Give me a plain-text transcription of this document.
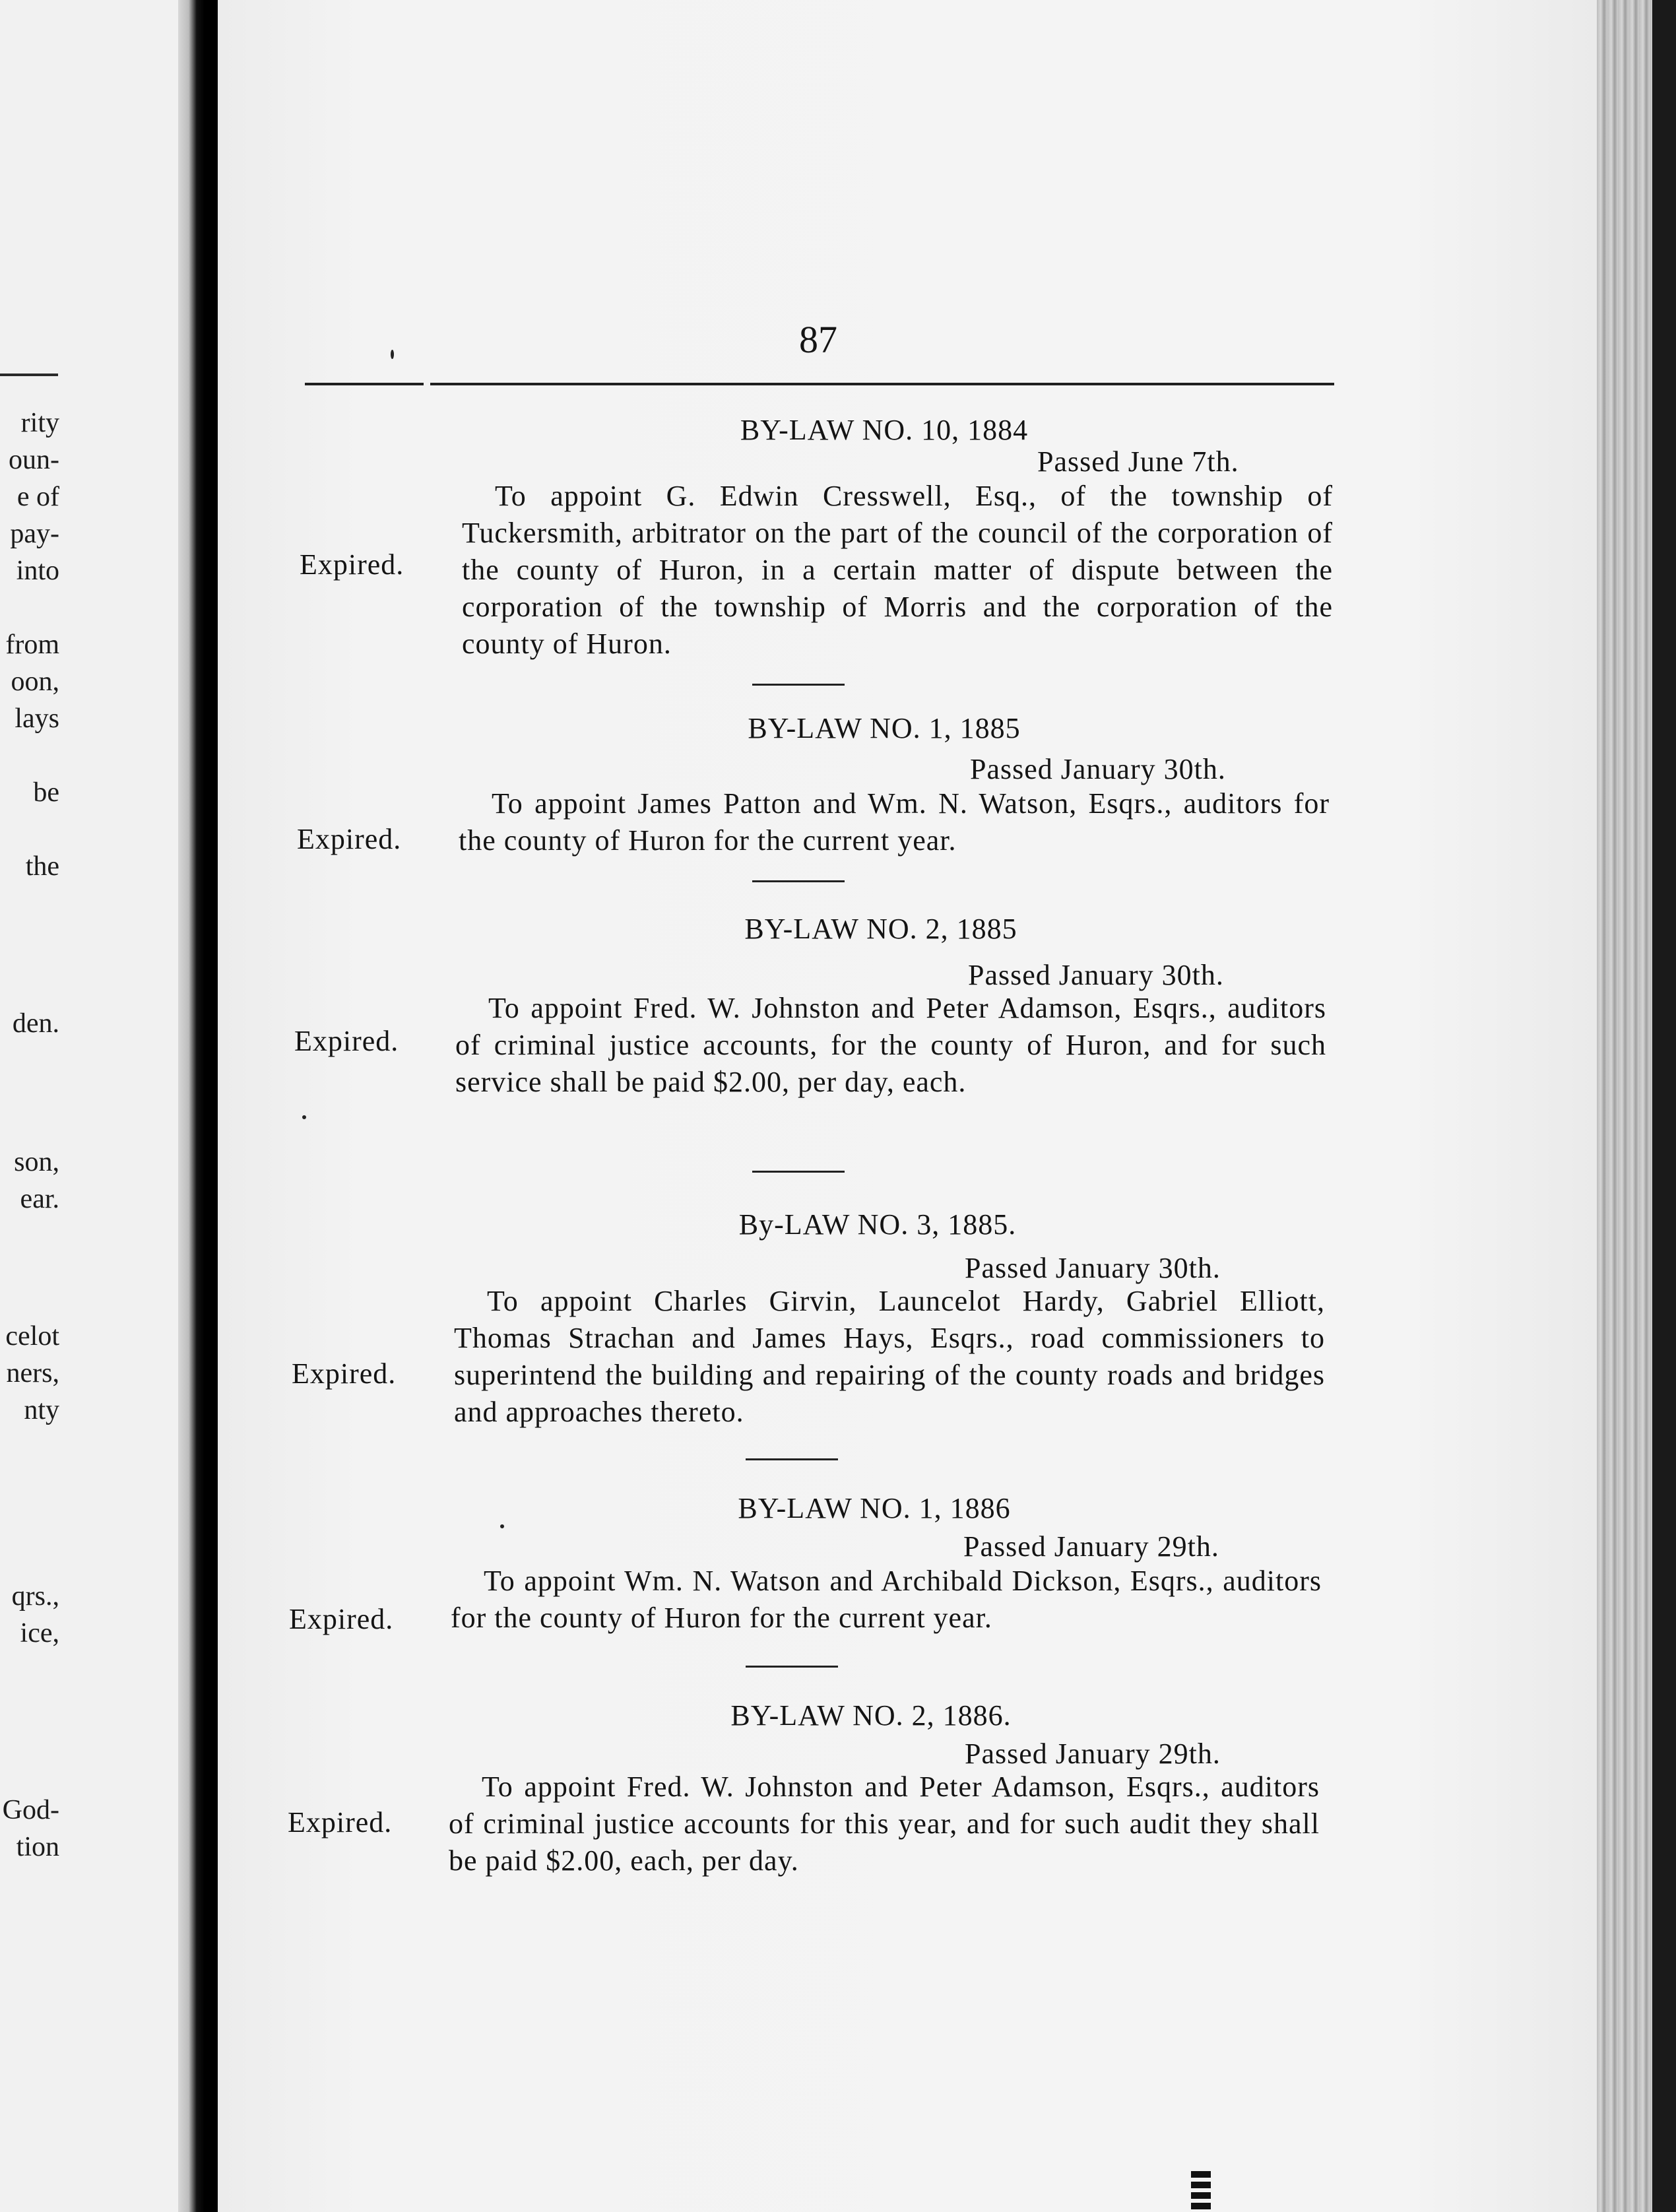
rity
oun-
e of
pay-
into
from
oon,
lays
be
the
den.
son,
ear.
celot
ners,
nty
qrs.,
ice,
God-
tion
87
BY-LAW NO. 10, 1884
Passed June 7th.

To appoint G. Edwin Cresswell, Esq., of the township of Tuckersmith, arbitrator on the part of the council of the corporation of the county of Huron, in a certain matter of dispute between the corporation of the township of Morris and the corporation of the county of Huron.

Expired.
BY-LAW NO. 1, 1885
Passed January 30th.

To appoint James Patton and Wm. N. Watson, Esqrs., auditors for the county of Huron for the current year.

Expired.
BY-LAW NO. 2, 1885
Passed January 30th.

To appoint Fred. W. Johnston and Peter Adamson, Esqrs., auditors of criminal justice accounts, for the county of Huron, and for such service shall be paid $2.00, per day, each.

Expired.
By-LAW NO. 3, 1885.
Passed January 30th.

To appoint Charles Girvin, Launcelot Hardy, Gabriel Elliott, Thomas Strachan and James Hays, Esqrs., road commissioners to superintend the building and repairing of the county roads and bridges and approaches thereto.

Expired.
BY-LAW NO. 1, 1886
Passed January 29th.

To appoint Wm. N. Watson and Archibald Dickson, Esqrs., auditors for the county of Huron for the current year.

Expired.
BY-LAW NO. 2, 1886.
Passed January 29th.

To appoint Fred. W. Johnston and Peter Adamson, Esqrs., auditors of criminal justice accounts for this year, and for such audit they shall be paid $2.00, each, per day.

Expired.
